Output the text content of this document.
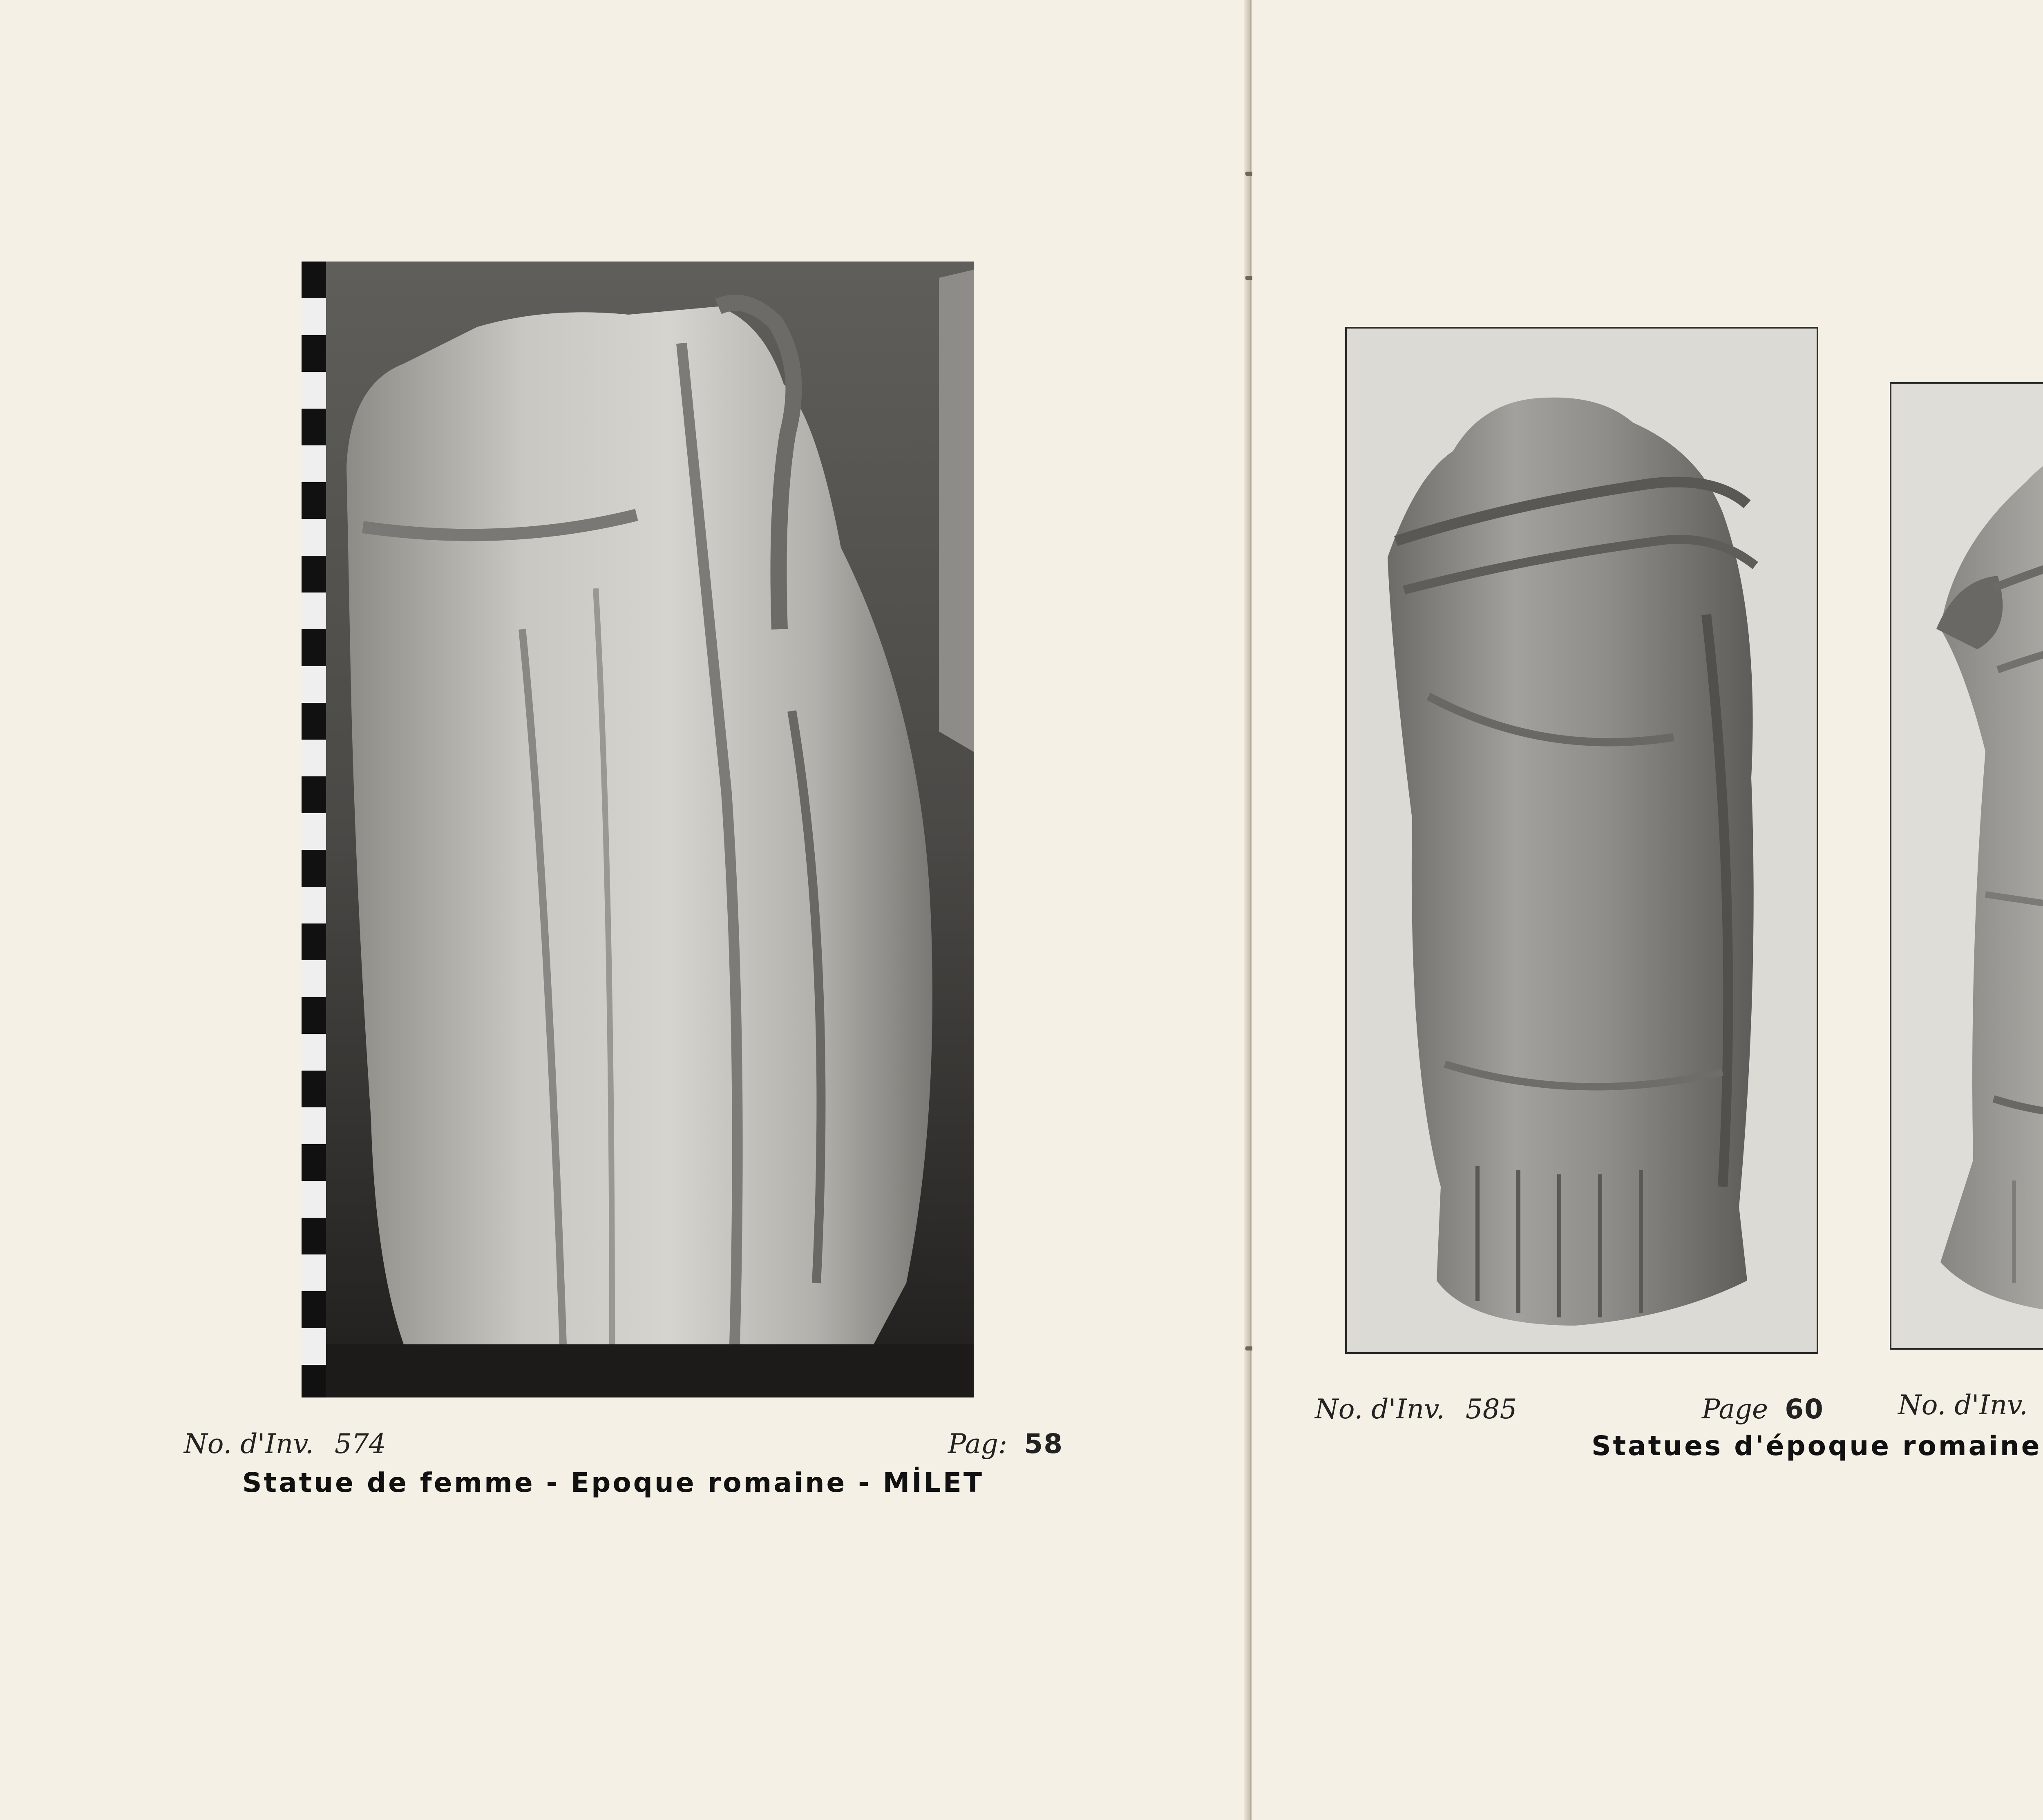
No. d'Inv. 574	Pag: 58
Statue de femme - Epoque romaine - MİLET
No. d'Inv. 585	Page 60	No. d'Inv.
Statues d'époque romaine
